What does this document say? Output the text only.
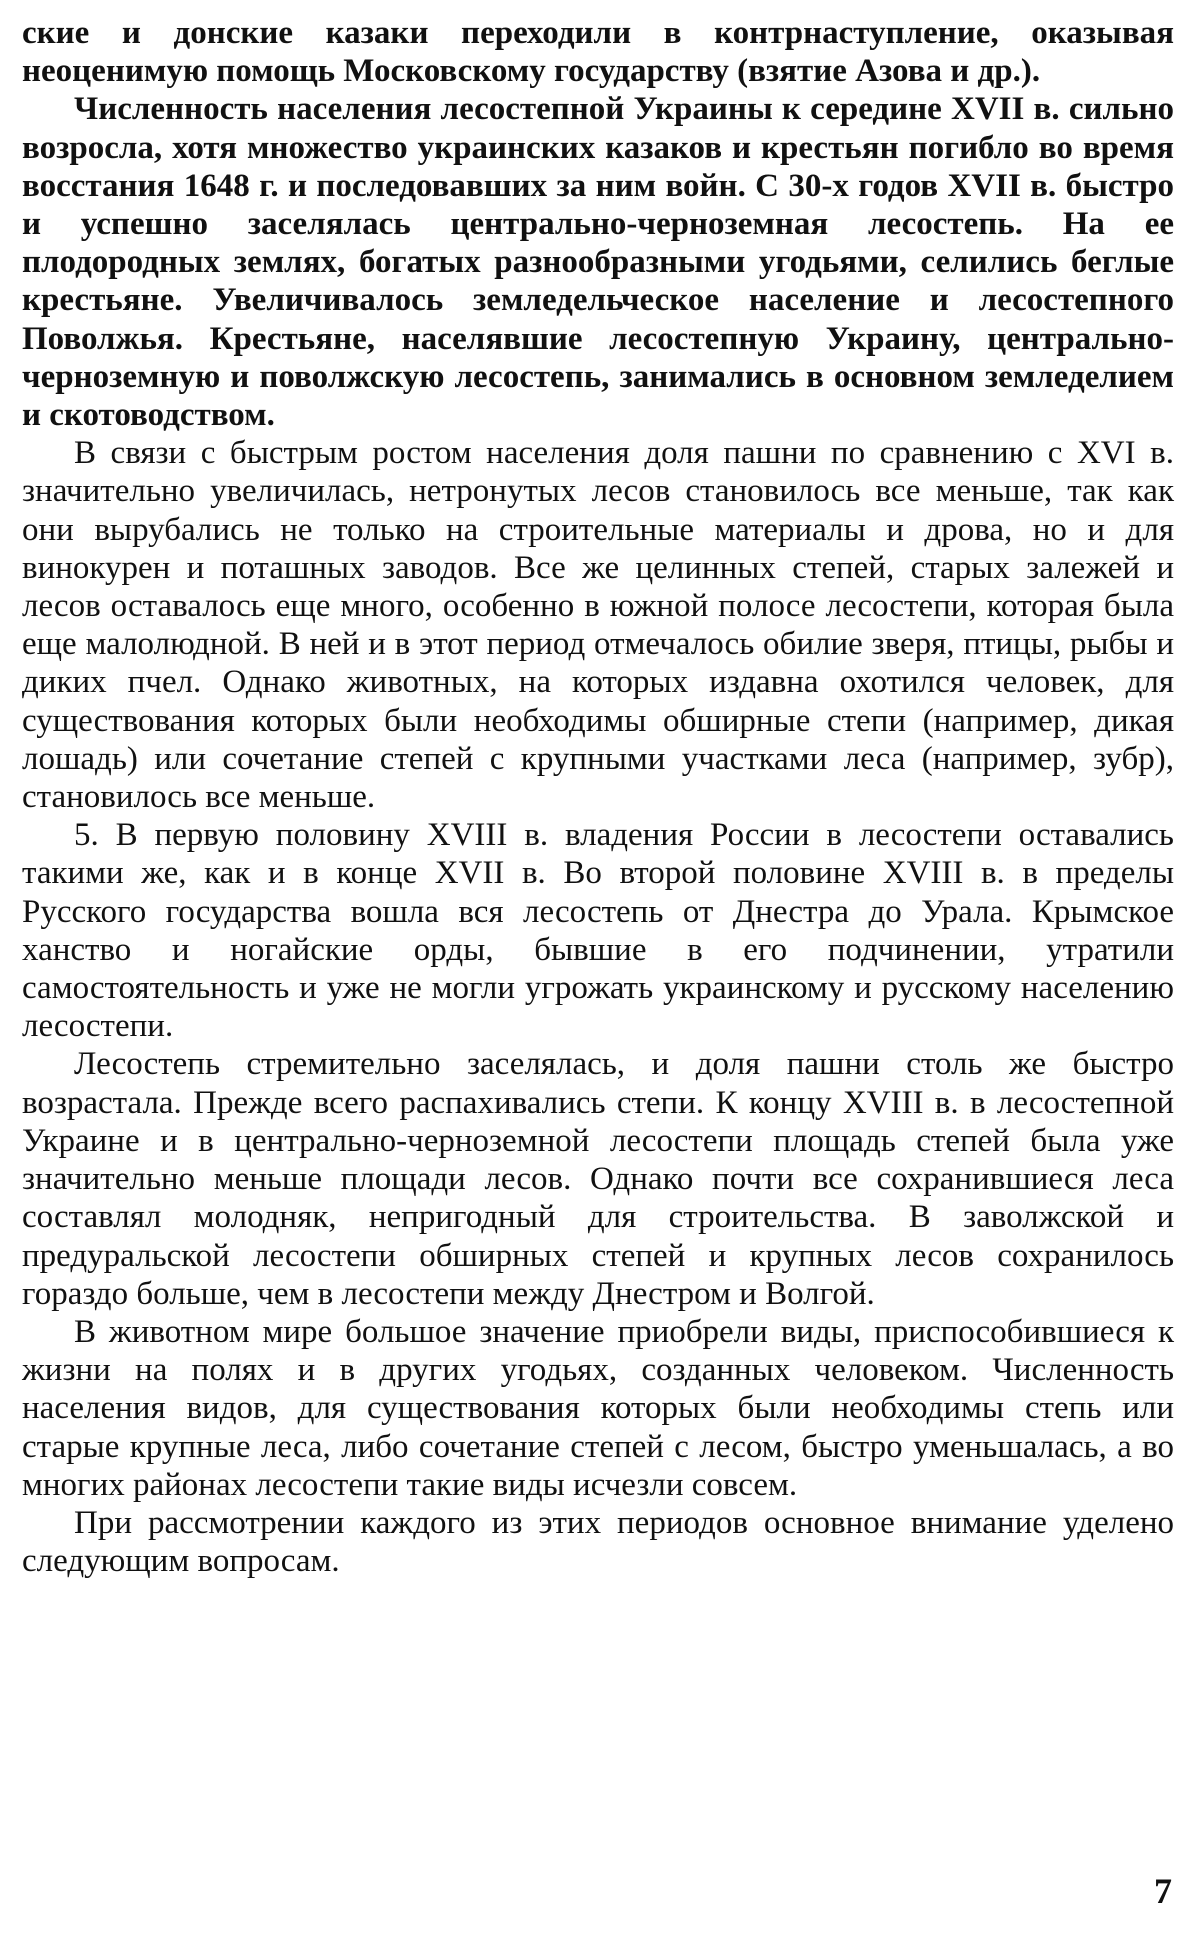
ские и донские казаки переходили в контрнаступление, оказывая неоценимую помощь Московскому государству (взятие Азова и др.).

Численность населения лесостепной Украины к середине XVII в. сильно возросла, хотя множество украинских казаков и крестьян погибло во время восстания 1648 г. и последовавших за ним войн. С 30-х годов XVII в. быстро и успешно заселялась центрально-черноземная лесостепь. На ее плодородных землях, богатых разнообразными угодьями, селились беглые крестьяне. Увеличивалось земледельческое население и лесостепного Поволжья. Крестьяне, населявшие лесостепную Украину, центрально-черноземную и поволжскую лесостепь, занимались в основном земледелием и скотоводством.

В связи с быстрым ростом населения доля пашни по сравнению с XVI в. значительно увеличилась, нетронутых лесов становилось все меньше, так как они вырубались не только на строительные материалы и дрова, но и для винокурен и поташных заводов. Все же целинных степей, старых залежей и лесов оставалось еще много, особенно в южной полосе лесостепи, которая была еще малолюдной. В ней и в этот период отмечалось обилие зверя, птицы, рыбы и диких пчел. Однако животных, на которых издавна охотился человек, для существования которых были необходимы обширные степи (например, дикая лошадь) или сочетание степей с крупными участками леса (например, зубр), становилось все меньше.

5. В первую половину XVIII в. владения России в лесостепи оставались такими же, как и в конце XVII в. Во второй половине XVIII в. в пределы Русского государства вошла вся лесостепь от Днестра до Урала. Крымское ханство и ногайские орды, бывшие в его подчинении, утратили самостоятельность и уже не могли угрожать украинскому и русскому населению лесостепи.

Лесостепь стремительно заселялась, и доля пашни столь же быстро возрастала. Прежде всего распахивались степи. К концу XVIII в. в лесостепной Украине и в центрально-черноземной лесостепи площадь степей была уже значительно меньше площади лесов. Однако почти все сохранившиеся леса составлял молодняк, непригодный для строительства. В заволжской и предуральской лесостепи обширных степей и крупных лесов сохранилось гораздо больше, чем в лесостепи между Днестром и Волгой.

В животном мире большое значение приобрели виды, приспособившиеся к жизни на полях и в других угодьях, созданных человеком. Численность населения видов, для существования которых были необходимы степь или старые крупные леса, либо сочетание степей с лесом, быстро уменьшалась, а во многих районах лесостепи такие виды исчезли совсем.

При рассмотрении каждого из этих периодов основное внимание уделено следующим вопросам.

7
